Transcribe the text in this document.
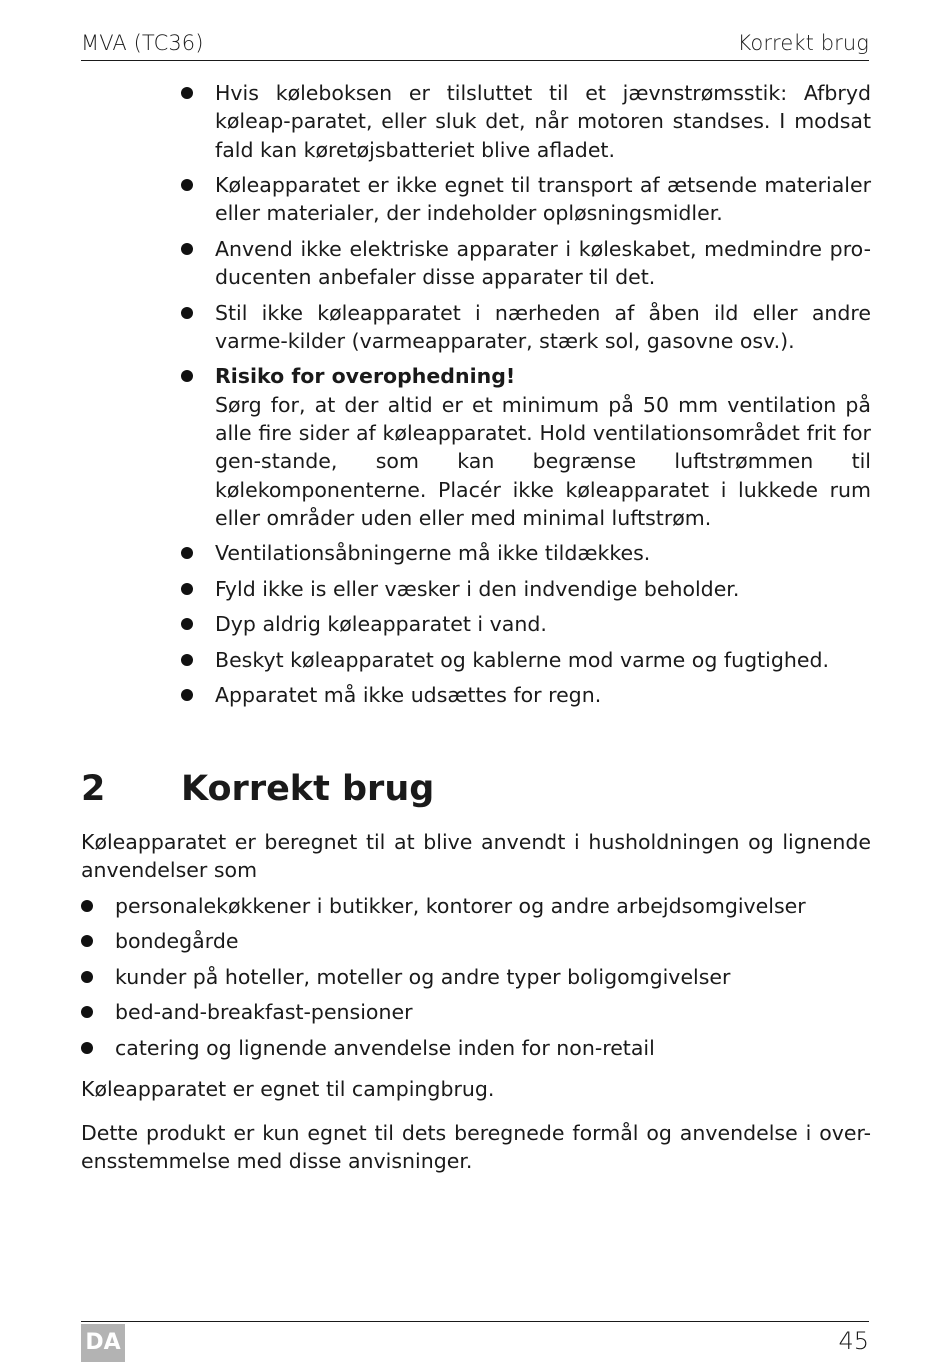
MVA (TC36)	Korrekt brug
Hvis køleboksen er tilsluttet til et jævnstrømsstik: Afbryd køleap-paratet, eller sluk det, når motoren standses. I modsat fald kan køretøjsbatteriet blive afladet.
Køleapparatet er ikke egnet til transport af ætsende materialer eller materialer, der indeholder opløsningsmidler.
Anvend ikke elektriske apparater i køleskabet, medmindre pro-ducenten anbefaler disse apparater til det.
Stil ikke køleapparatet i nærheden af åben ild eller andre varme-kilder (varmeapparater, stærk sol, gasovne osv.).
Risiko for overophedning!
Sørg for, at der altid er et minimum på 50 mm ventilation på alle fire sider af køleapparatet. Hold ventilationsområdet frit for gen-stande, som kan begrænse luftstrømmen til kølekomponenterne. Placér ikke køleapparatet i lukkede rum eller områder uden eller med minimal luftstrøm.
Ventilationsåbningerne må ikke tildækkes.
Fyld ikke is eller væsker i den indvendige beholder.
Dyp aldrig køleapparatet i vand.
Beskyt køleapparatet og kablerne mod varme og fugtighed.
Apparatet må ikke udsættes for regn.
2 Korrekt brug
Køleapparatet er beregnet til at blive anvendt i husholdningen og lignende anvendelser som
personalekøkkener i butikker, kontorer og andre arbejdsomgivelser
bondegårde
kunder på hoteller, moteller og andre typer boligomgivelser
bed-and-breakfast-pensioner
catering og lignende anvendelse inden for non-retail
Køleapparatet er egnet til campingbrug.
Dette produkt er kun egnet til dets beregnede formål og anvendelse i over-ensstemmelse med disse anvisninger.
DA	45
